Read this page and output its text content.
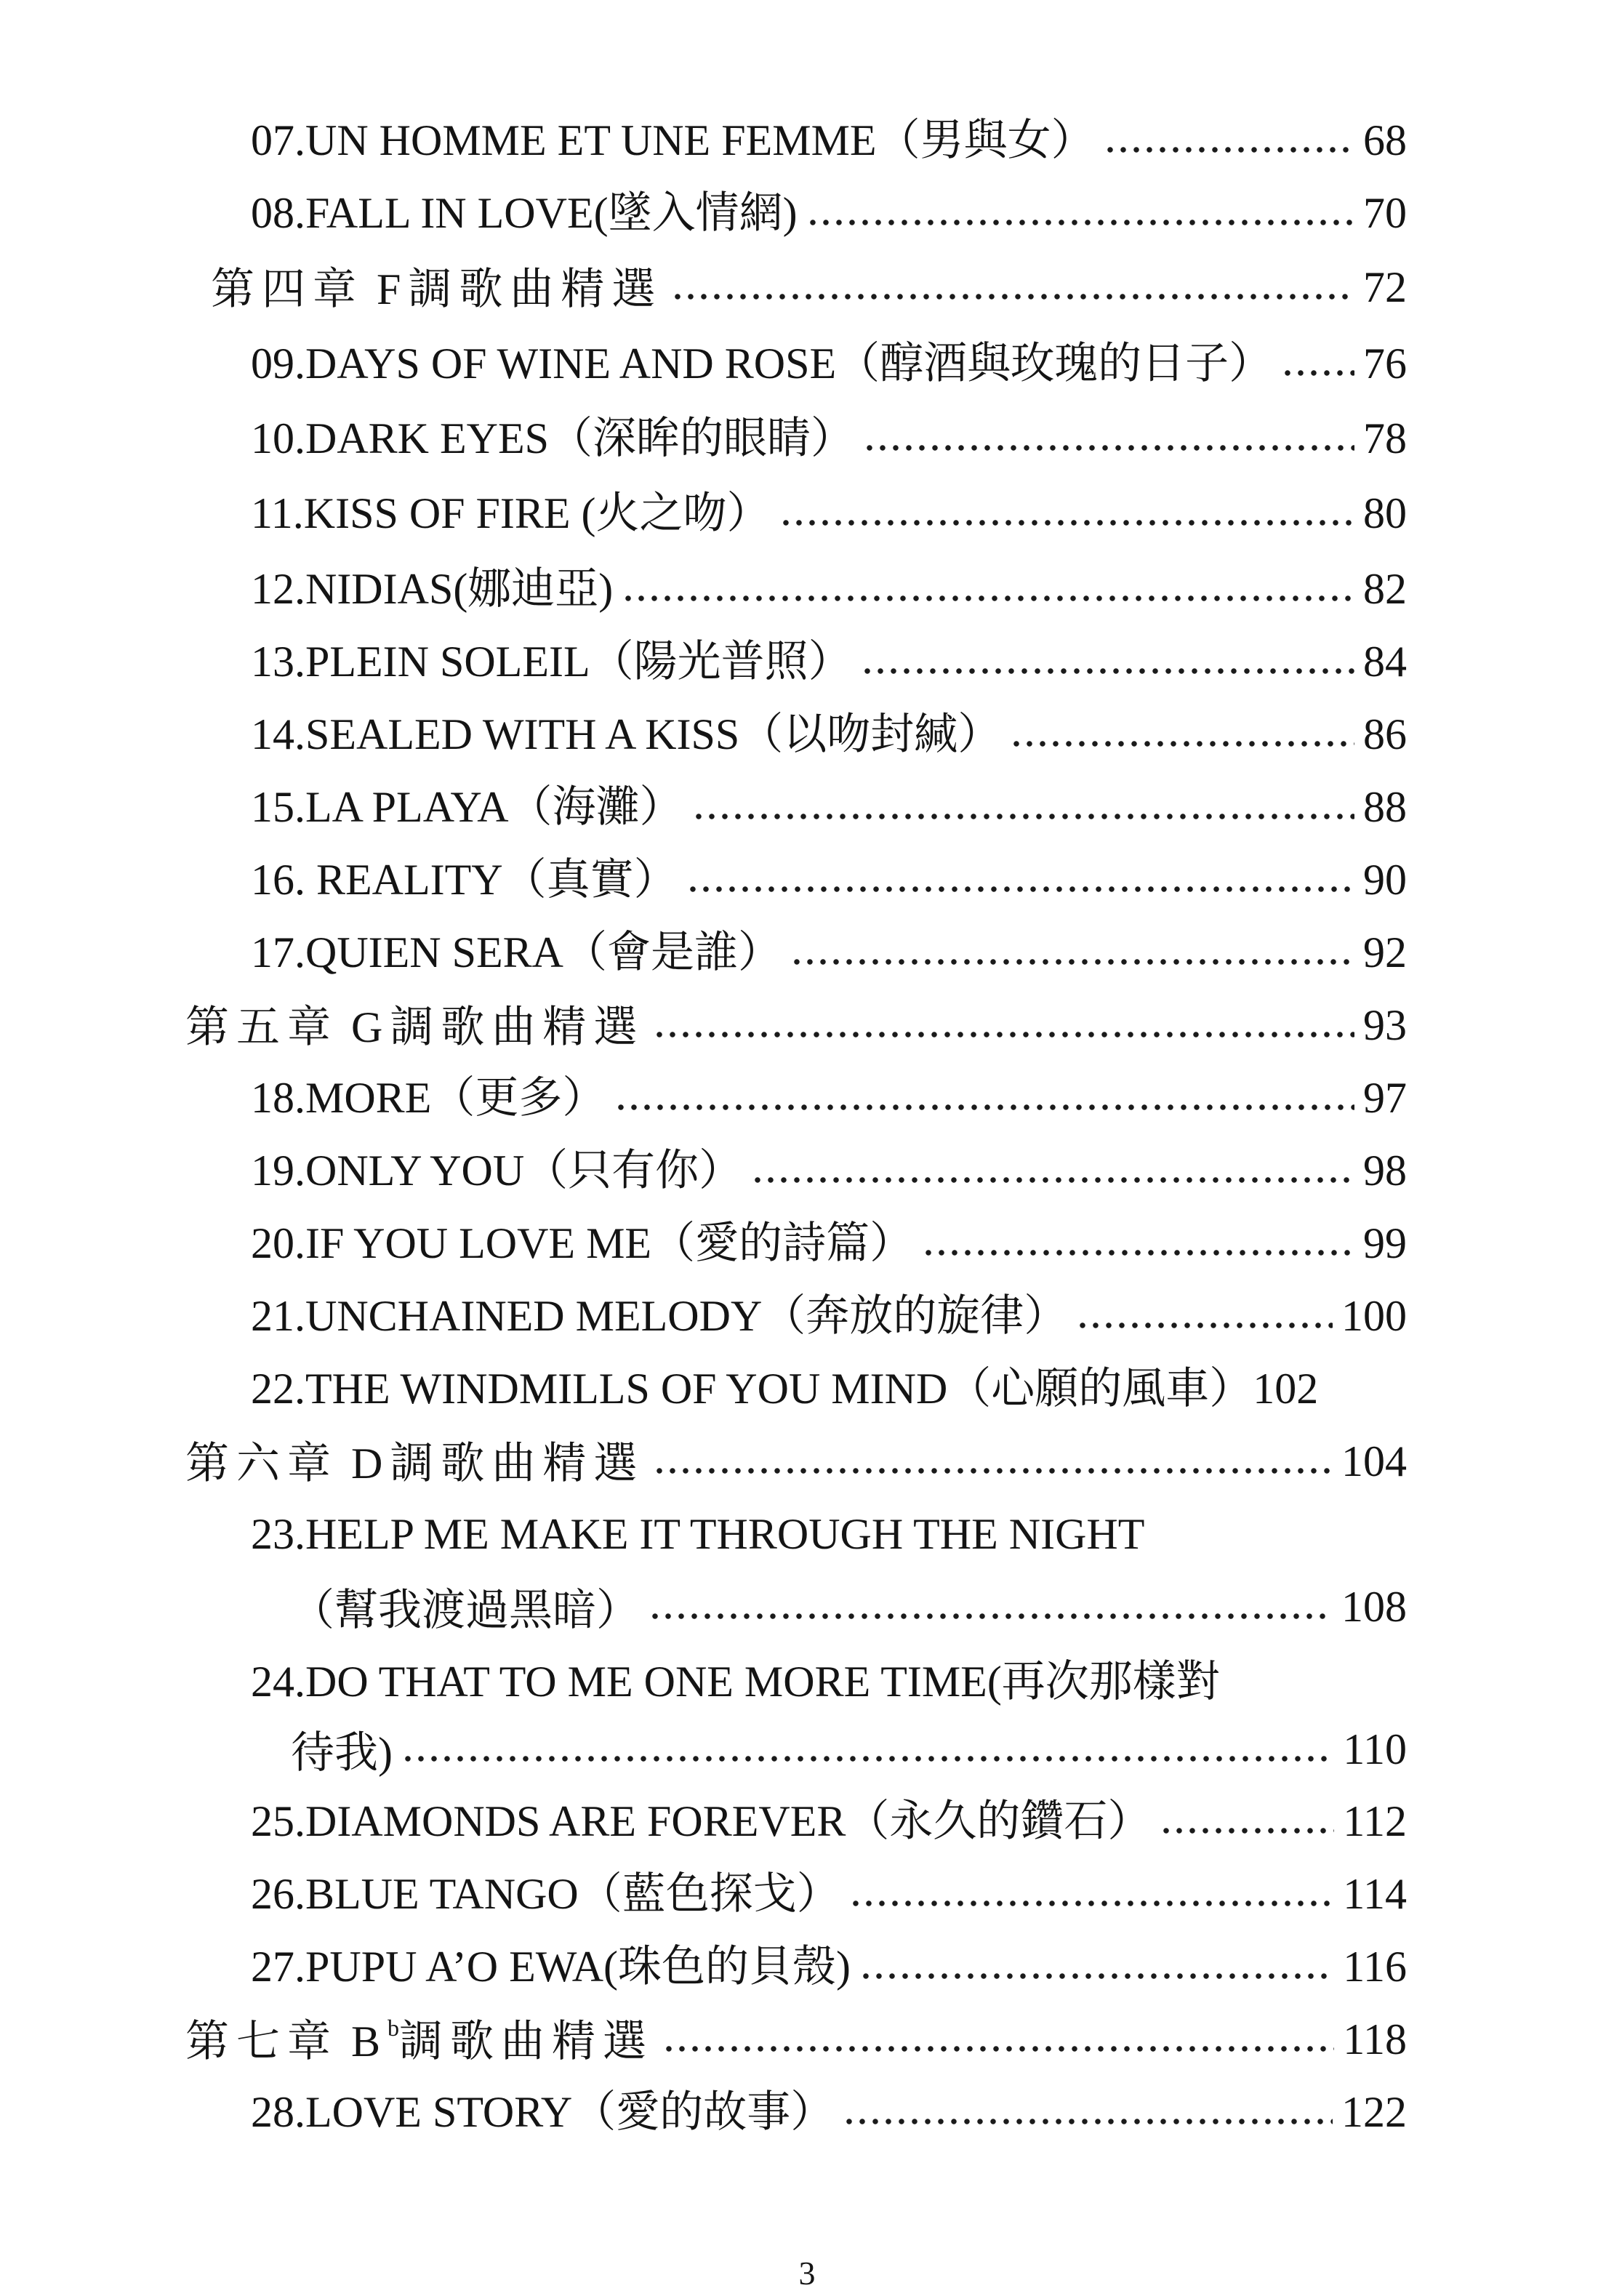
07.UN HOMME ET UNE FEMME（男與女）	68
08.FALL IN LOVE(墜入情網)	70
第四章 F調歌曲精選	72
09.DAYS OF WINE AND ROSE（醇酒與玫瑰的日子） 76
10.DARK EYES（深眸的眼睛）	78
11.KISS OF FIRE (火之吻）	80
12.NIDIAS(娜迪亞)	82
13.PLEIN SOLEIL（陽光普照）	84
14.SEALED WITH A KISS（以吻封緘）	86
15.LA PLAYA（海灘）	88
16. REALITY（真實）	90
17.QUIEN SERA（會是誰）	92
第五章 G調歌曲精選	93
18.MORE（更多）	97
19.ONLY YOU（只有你）	98
20.IF YOU LOVE ME（愛的詩篇）	99
21.UNCHAINED MELODY（奔放的旋律）	100
22.THE WINDMILLS OF YOU MIND（心願的風車） 102
第六章 D調歌曲精選	104
23.HELP ME MAKE IT THROUGH THE NIGHT
（幫我渡過黑暗）	108
24.DO THAT TO ME ONE MORE TIME(再次那樣對
待我)	110
25.DIAMONDS ARE FOREVER（永久的鑽石）	112
26.BLUE TANGO（藍色探戈）	114
27.PUPU A’O EWA(珠色的貝殼)	116
第七章 $B^b$調歌曲精選	118
28.LOVE STORY（愛的故事）	122
3
